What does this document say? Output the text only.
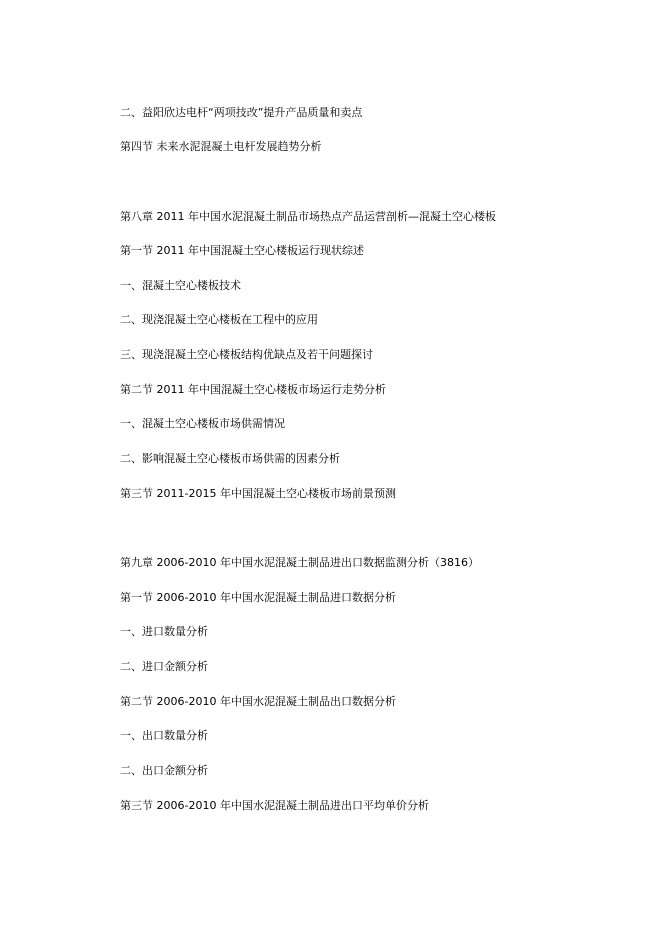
二、益阳欣达电杆“两项技改”提升产品质量和卖点
第四节 未来水泥混凝土电杆发展趋势分析
第八章 2011 年中国水泥混凝土制品市场热点产品运营剖析—混凝土空心楼板
第一节 2011 年中国混凝土空心楼板运行现状综述
一、混凝土空心楼板技术
二、现浇混凝土空心楼板在工程中的应用
三、现浇混凝土空心楼板结构优缺点及若干问题探讨
第二节 2011 年中国混凝土空心楼板市场运行走势分析
一、混凝土空心楼板市场供需情况
二、影响混凝土空心楼板市场供需的因素分析
第三节 2011-2015 年中国混凝土空心楼板市场前景预测
第九章 2006-2010 年中国水泥混凝土制品进出口数据监测分析（3816）
第一节 2006-2010 年中国水泥混凝土制品进口数据分析
一、进口数量分析
二、进口金额分析
第二节 2006-2010 年中国水泥混凝土制品出口数据分析
一、出口数量分析
二、出口金额分析
第三节 2006-2010 年中国水泥混凝土制品进出口平均单价分析
